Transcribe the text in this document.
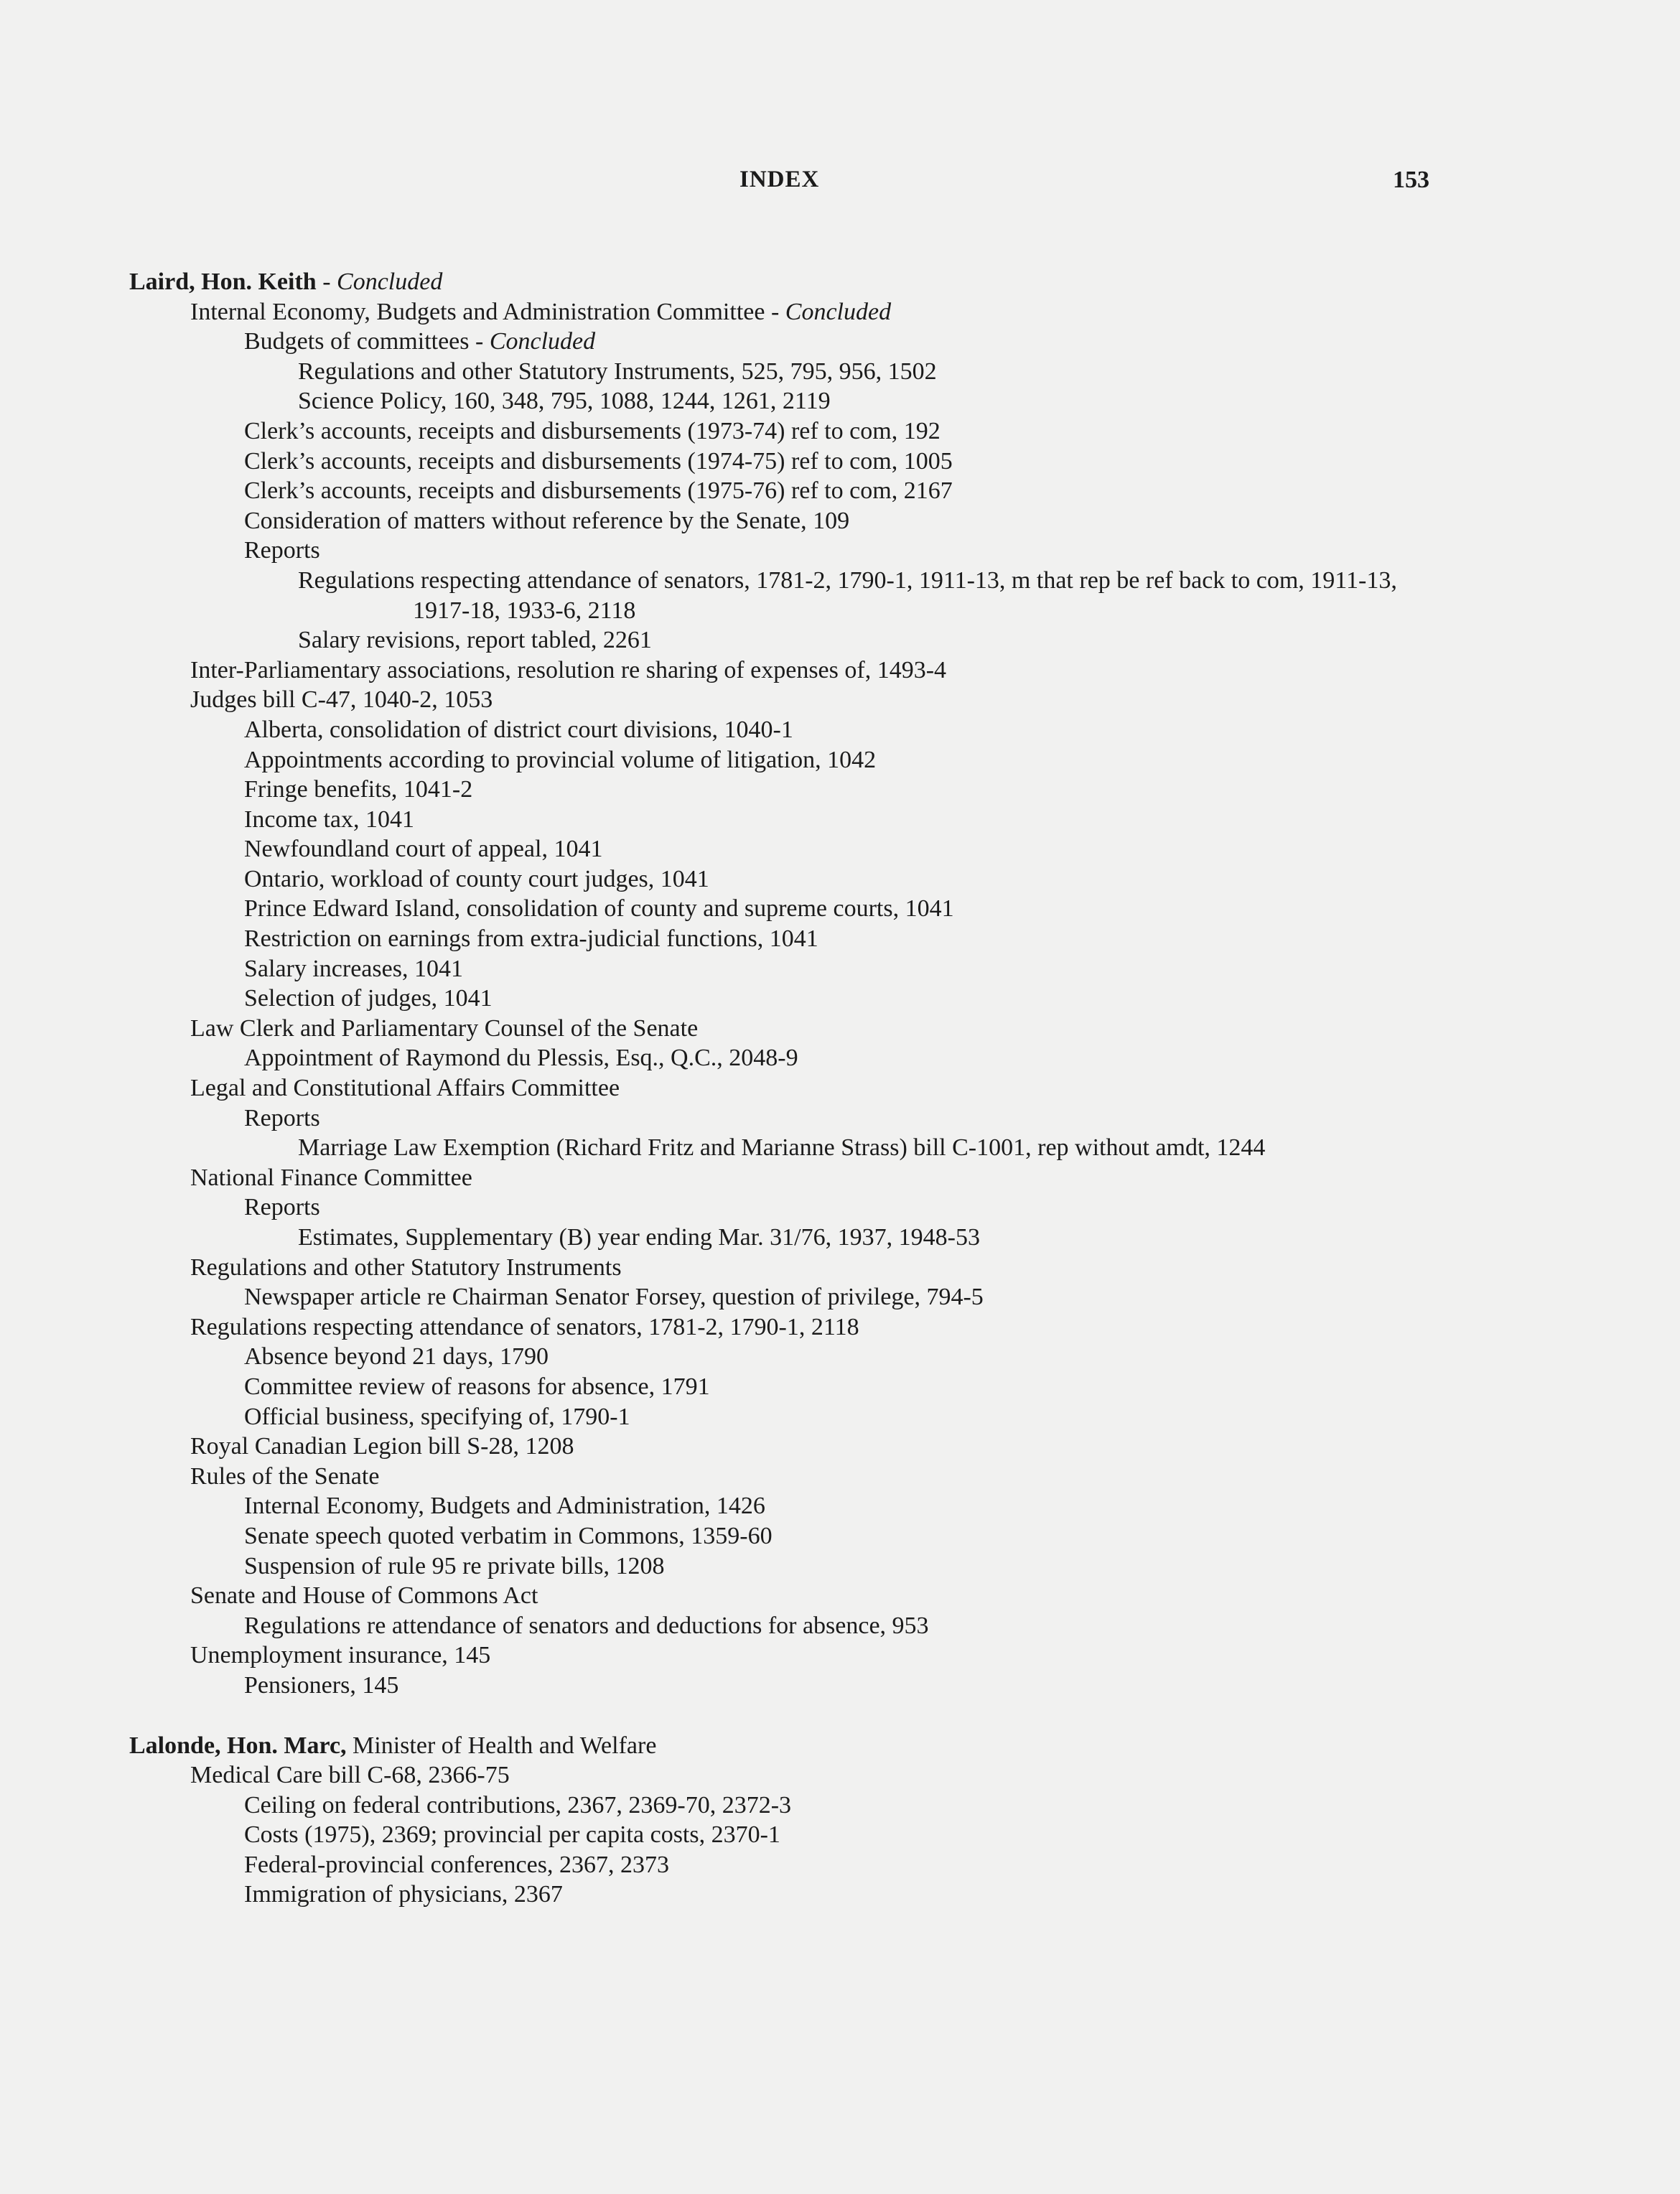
INDEX	153
Laird, Hon. Keith - Concluded
Internal Economy, Budgets and Administration Committee - Concluded
Budgets of committees - Concluded
Regulations and other Statutory Instruments, 525, 795, 956, 1502
Science Policy, 160, 348, 795, 1088, 1244, 1261, 2119
Clerk’s accounts, receipts and disbursements (1973-74) ref to com, 192
Clerk’s accounts, receipts and disbursements (1974-75) ref to com, 1005
Clerk’s accounts, receipts and disbursements (1975-76) ref to com, 2167
Consideration of matters without reference by the Senate, 109
Reports
Regulations respecting attendance of senators, 1781-2, 1790-1, 1911-13, m that rep be ref back to com, 1911-13, 1917-18, 1933-6, 2118
Salary revisions, report tabled, 2261
Inter-Parliamentary associations, resolution re sharing of expenses of, 1493-4
Judges bill C-47, 1040-2, 1053
Alberta, consolidation of district court divisions, 1040-1
Appointments according to provincial volume of litigation, 1042
Fringe benefits, 1041-2
Income tax, 1041
Newfoundland court of appeal, 1041
Ontario, workload of county court judges, 1041
Prince Edward Island, consolidation of county and supreme courts, 1041
Restriction on earnings from extra-judicial functions, 1041
Salary increases, 1041
Selection of judges, 1041
Law Clerk and Parliamentary Counsel of the Senate
Appointment of Raymond du Plessis, Esq., Q.C., 2048-9
Legal and Constitutional Affairs Committee
Reports
Marriage Law Exemption (Richard Fritz and Marianne Strass) bill C-1001, rep without amdt, 1244
National Finance Committee
Reports
Estimates, Supplementary (B) year ending Mar. 31/76, 1937, 1948-53
Regulations and other Statutory Instruments
Newspaper article re Chairman Senator Forsey, question of privilege, 794-5
Regulations respecting attendance of senators, 1781-2, 1790-1, 2118
Absence beyond 21 days, 1790
Committee review of reasons for absence, 1791
Official business, specifying of, 1790-1
Royal Canadian Legion bill S-28, 1208
Rules of the Senate
Internal Economy, Budgets and Administration, 1426
Senate speech quoted verbatim in Commons, 1359-60
Suspension of rule 95 re private bills, 1208
Senate and House of Commons Act
Regulations re attendance of senators and deductions for absence, 953
Unemployment insurance, 145
Pensioners, 145
Lalonde, Hon. Marc, Minister of Health and Welfare
Medical Care bill C-68, 2366-75
Ceiling on federal contributions, 2367, 2369-70, 2372-3
Costs (1975), 2369; provincial per capita costs, 2370-1
Federal-provincial conferences, 2367, 2373
Immigration of physicians, 2367
